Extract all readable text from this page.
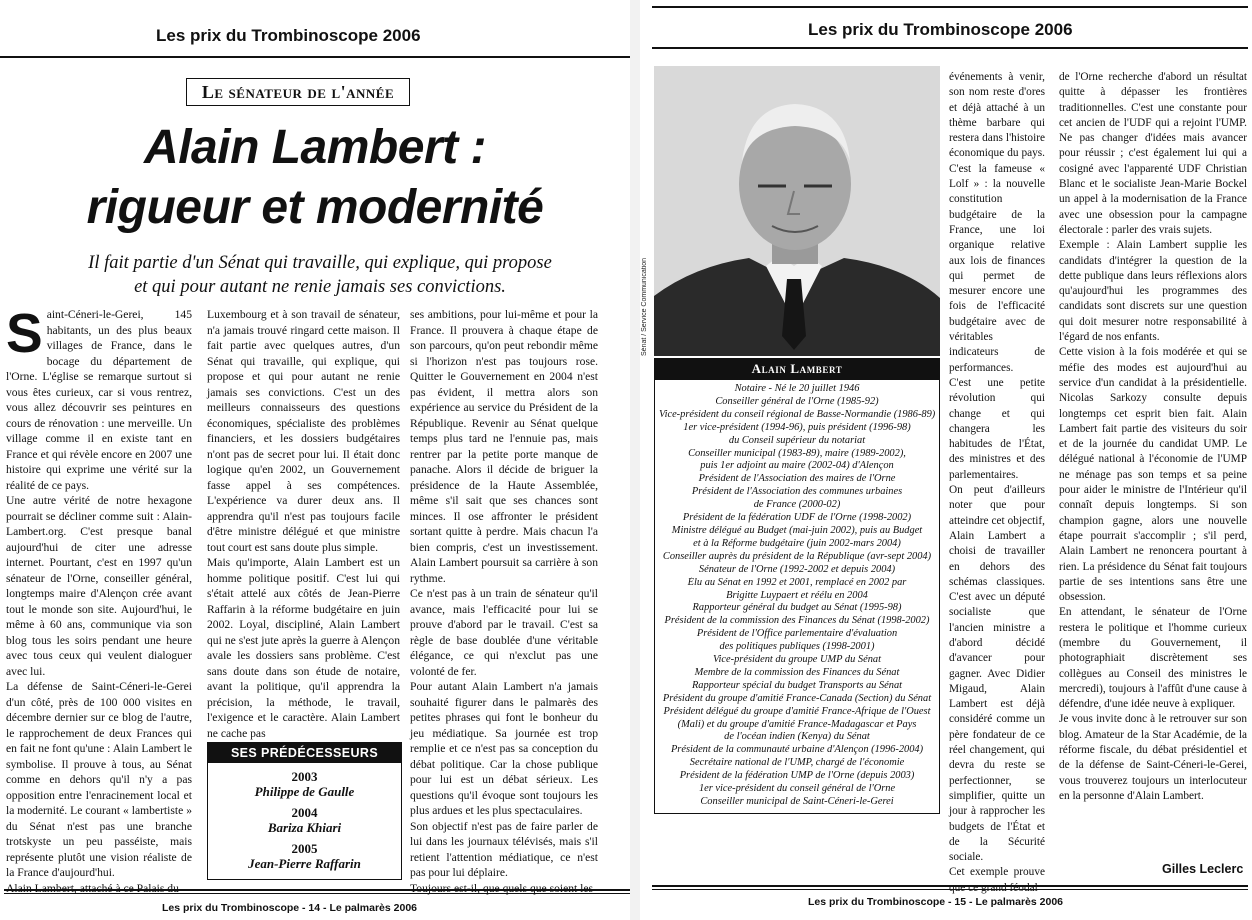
Les prix du Trombinoscope 2006
Le sénateur de l'année
Alain Lambert :
rigueur et modernité
Il fait partie d'un Sénat qui travaille, qui explique, qui propose
et qui pour autant ne renie jamais ses convictions.

Saint-Céneri-le-Gerei, 145 habitants, un des plus beaux villages de France, dans le bocage du département de l'Orne. L'église se remarque surtout si vous êtes curieux, car si vous rentrez, vous allez découvrir ses peintures en cours de rénovation : une merveille. Un village comme il en existe tant en France et qui révèle encore en 2007 une histoire qui exprime une vérité sur la réalité de ce pays.

Une autre vérité de notre hexagone pourrait se décliner comme suit : Alain-Lambert.org. C'est presque banal aujourd'hui de citer une adresse internet. Pourtant, c'est en 1997 qu'un sénateur de l'Orne, conseiller général, longtemps maire d'Alençon crée avant tout le monde son site. Aujourd'hui, le même à 60 ans, communique via son blog tous les soirs pendant une heure avec tous ceux qui veulent dialoguer avec lui.

La défense de Saint-Céneri-le-Gerei d'un côté, près de 100 000 visites en décembre dernier sur ce blog de l'autre, le rapprochement de deux Frances qui en fait ne font qu'une : Alain Lambert le symbolise. Il prouve à tous, au Sénat comme en dehors qu'il n'y a pas opposition entre l'enracinement local et la modernité. Le courant « lambertiste » du Sénat n'est pas une branche trotskyste un peu passéiste, mais représente plutôt une vision réaliste de la France d'aujourd'hui.

Alain Lambert, attaché à ce Palais du

Luxembourg et à son travail de sénateur, n'a jamais trouvé ringard cette maison. Il fait partie avec quelques autres, d'un Sénat qui travaille, qui explique, qui propose et qui pour autant ne renie jamais ses convictions. C'est un des meilleurs connaisseurs des questions économiques, spécialiste des problèmes financiers, et les dossiers budgétaires n'ont pas de secret pour lui. Il était donc logique qu'en 2002, un Gouvernement fasse appel à ses compétences. L'expérience va durer deux ans. Il apprendra qu'il n'est pas toujours facile d'être ministre délégué et que ministre tout court est sans doute plus simple.

Mais qu'importe, Alain Lambert est un homme politique positif. C'est lui qui s'était attelé aux côtés de Jean-Pierre Raffarin à la réforme budgétaire en juin 2002. Loyal, discipliné, Alain Lambert qui ne s'est jute après la guerre à Alençon avale les dossiers sans problème. C'est sans doute dans son étude de notaire, avant la politique, qu'il apprendra la précision, la méthode, le travail, l'exigence et le caractère. Alain Lambert ne cache pas

SES PRÉDÉCESSEURS
2003
Philippe de Gaulle
2004
Bariza Khiari
2005
Jean-Pierre Raffarin

ses ambitions, pour lui-même et pour la France. Il prouvera à chaque étape de son parcours, qu'on peut rebondir même si l'horizon n'est pas toujours rose. Quitter le Gouvernement en 2004 n'est pas évident, il mettra alors son expérience au service du Président de la République. Revenir au Sénat quelque temps plus tard ne l'ennuie pas, mais rentrer par la petite porte manque de panache. Alors il décide de briguer la présidence de la Haute Assemblée, même s'il sait que ses chances sont minces. Il ose affronter le président sortant quitte à perdre. Mais chacun l'a bien compris, c'est un investissement. Alain Lambert poursuit sa carrière à son rythme.

Ce n'est pas à un train de sénateur qu'il avance, mais l'efficacité pour lui se prouve d'abord par le travail. C'est sa règle de base doublée d'une véritable élégance, ce qui n'exclut pas une volonté de fer.

Pour autant Alain Lambert n'a jamais souhaité figurer dans le palmarès des petites phrases qui font le bonheur du jeu médiatique. Sa journée est trop remplie et ce n'est pas sa conception du débat politique. Car la chose publique pour lui est un débat sérieux. Les questions qu'il évoque sont toujours les plus ardues et les plus spectaculaires.

Son objectif n'est pas de faire parler de lui dans les journaux télévisés, mais s'il retient l'attention médiatique, ce n'est pas pour lui déplaire.

Toujours est-il, que quels que soient les

Les prix du Trombinoscope - 14 - Le palmarès 2006
Les prix du Trombinoscope 2006
Sénat / Service Communication
Alain Lambert
Notaire - Né le 20 juillet 1946
Conseiller général de l'Orne (1985-92)
Vice-président du conseil régional de Basse-Normandie (1986-89)
1er vice-président (1994-96), puis président (1996-98)
du Conseil supérieur du notariat
Conseiller municipal (1983-89), maire (1989-2002),
puis 1er adjoint au maire (2002-04) d'Alençon
Président de l'Association des maires de l'Orne
Président de l'Association des communes urbaines
de France (2000-02)
Président de la fédération UDF de l'Orne (1998-2002)
Ministre délégué au Budget (mai-juin 2002), puis au Budget
et à la Réforme budgétaire (juin 2002-mars 2004)
Conseiller auprès du président de la République (avr-sept 2004)
Sénateur de l'Orne (1992-2002 et depuis 2004)
Élu au Sénat en 1992 et 2001, remplacé en 2002 par
Brigitte Luypaert et réélu en 2004
Rapporteur général du budget au Sénat (1995-98)
Président de la commission des Finances du Sénat (1998-2002)
Président de l'Office parlementaire d'évaluation
des politiques publiques (1998-2001)
Vice-président du groupe UMP du Sénat
Membre de la commission des Finances du Sénat
Rapporteur spécial du budget Transports au Sénat
Président du groupe d'amitié France-Canada (Section) du Sénat
Président délégué du groupe d'amitié France-Afrique de l'Ouest
(Mali) et du groupe d'amitié France-Madagascar et Pays
de l'océan indien (Kenya) du Sénat
Président de la communauté urbaine d'Alençon (1996-2004)
Secrétaire national de l'UMP, chargé de l'économie
Président de la fédération UMP de l'Orne (depuis 2003)
1er vice-président du conseil général de l'Orne
Conseiller municipal de Saint-Céneri-le-Gerei

événements à venir, son nom reste d'ores et déjà attaché à un thème barbare qui restera dans l'histoire économique du pays. C'est la fameuse « Lolf » : la nouvelle constitution budgétaire de la France, une loi organique relative aux lois de finances qui permet de mesurer encore une fois de l'efficacité budgétaire avec de véritables indicateurs de performances.

C'est une petite révolution qui change et qui changera les habitudes de l'État, des ministres et des parlementaires.

On peut d'ailleurs noter que pour atteindre cet objectif, Alain Lambert a choisi de travailler en dehors des schémas classiques. C'est avec un député socialiste que l'ancien ministre a d'abord décidé d'avancer pour gagner. Avec Didier Migaud, Alain Lambert est déjà considéré comme un père fondateur de ce réel changement, qui devra du reste se perfectionner, se simplifier, quitte un jour à rapprocher les budgets de l'État et de la Sécurité sociale.

Cet exemple prouve que ce grand féodal

de l'Orne recherche d'abord un résultat quitte à dépasser les frontières traditionnelles. C'est une constante pour cet ancien de l'UDF qui a rejoint l'UMP. Ne pas changer d'idées mais avancer pour réussir ; c'est également lui qui a cosigné avec l'apparenté UDF Christian Blanc et le socialiste Jean-Marie Bockel un appel à la modernisation de la France avec une obsession pour la campagne électorale : parler des vrais sujets.

Exemple : Alain Lambert supplie les candidats d'intégrer la question de la dette publique dans leurs réflexions alors qu'aujourd'hui les programmes des candidats sont discrets sur une question qui doit mesurer notre responsabilité à l'égard de nos enfants.

Cette vision à la fois modérée et qui se méfie des modes est aujourd'hui au service d'un candidat à la présidentielle. Nicolas Sarkozy consulte depuis longtemps cet esprit bien fait. Alain Lambert fait partie des visiteurs du soir et de la journée du candidat UMP. Le délégué national à l'économie de l'UMP ne ménage pas son temps et sa peine pour aider le ministre de l'Intérieur qu'il connaît depuis longtemps. Si son champion gagne, alors une nouvelle étape pourrait s'accomplir ; s'il perd, Alain Lambert ne renoncera pourtant à rien. La présidence du Sénat fait toujours partie de ses intentions sans être une obsession.

En attendant, le sénateur de l'Orne restera le politique et l'homme curieux (membre du Gouvernement, il photographiait discrètement ses collègues au Conseil des ministres le mercredi), toujours à l'affût d'une cause à défendre, d'une idée neuve à expliquer.

Je vous invite donc à le retrouver sur son blog. Amateur de la Star Académie, de la réforme fiscale, du débat présidentiel et de la défense de Saint-Céneri-le-Gerei, vous trouverez toujours un interlocuteur en la personne d'Alain Lambert.

Gilles Leclerc
Les prix du Trombinoscope - 15 - Le palmarès 2006
